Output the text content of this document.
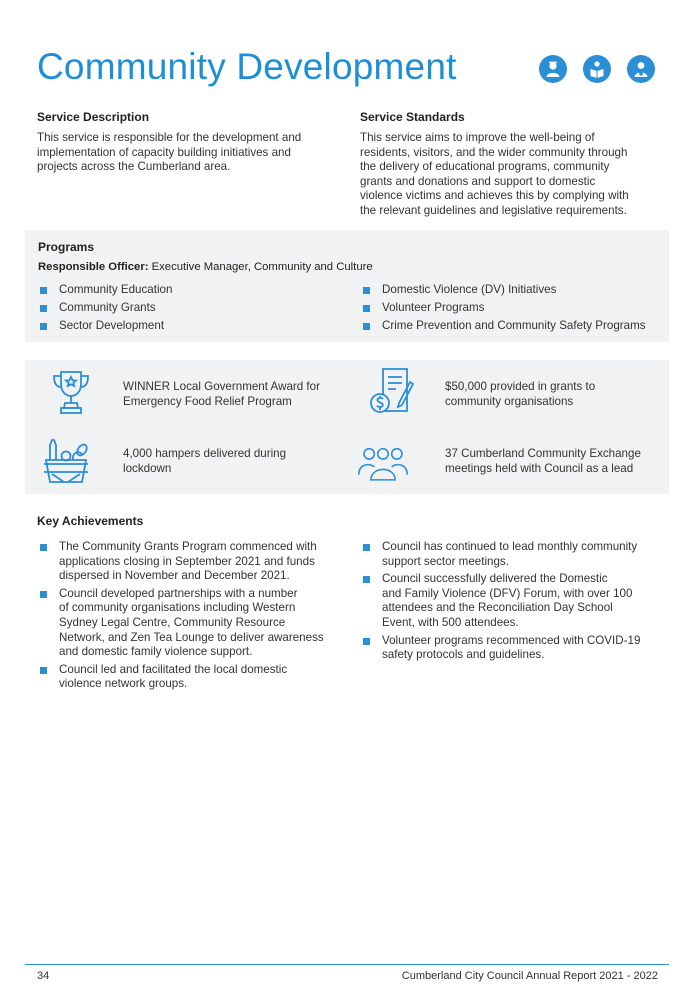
Community Development
Service Description

This service is responsible for the development and
implementation of capacity building initiatives and
projects across the Cumberland area.

Service Standards

This service aims to improve the well-being of
residents, visitors, and the wider community through
the delivery of educational programs, community
grants and donations and support to domestic
violence victims and achieves this by complying with
the relevant guidelines and legislative requirements.

Programs
Responsible Officer: Executive Manager, Community and Culture
Community Education
Community Grants
Sector Development
Domestic Violence (DV) Initiatives
Volunteer Programs
Crime Prevention and Community Safety Programs
WINNER Local Government Award for
Emergency Food Relief Program
$50,000 provided in grants to
community organisations
4,000 hampers delivered during
lockdown
37 Cumberland Community Exchange
meetings held with Council as a lead
Key Achievements
The Community Grants Program commenced with
applications closing in September 2021 and funds
dispersed in November and December 2021.
Council developed partnerships with a number
of community organisations including Western
Sydney Legal Centre, Community Resource
Network, and Zen Tea Lounge to deliver awareness
and domestic family violence support.
Council led and facilitated the local domestic
violence network groups.
Council has continued to lead monthly community
support sector meetings.
Council successfully delivered the Domestic
and Family Violence (DFV) Forum, with over 100
attendees and the Reconciliation Day School
Event, with 500 attendees.
Volunteer programs recommenced with COVID-19
safety protocols and guidelines.
34	Cumberland City Council Annual Report 2021 - 2022
